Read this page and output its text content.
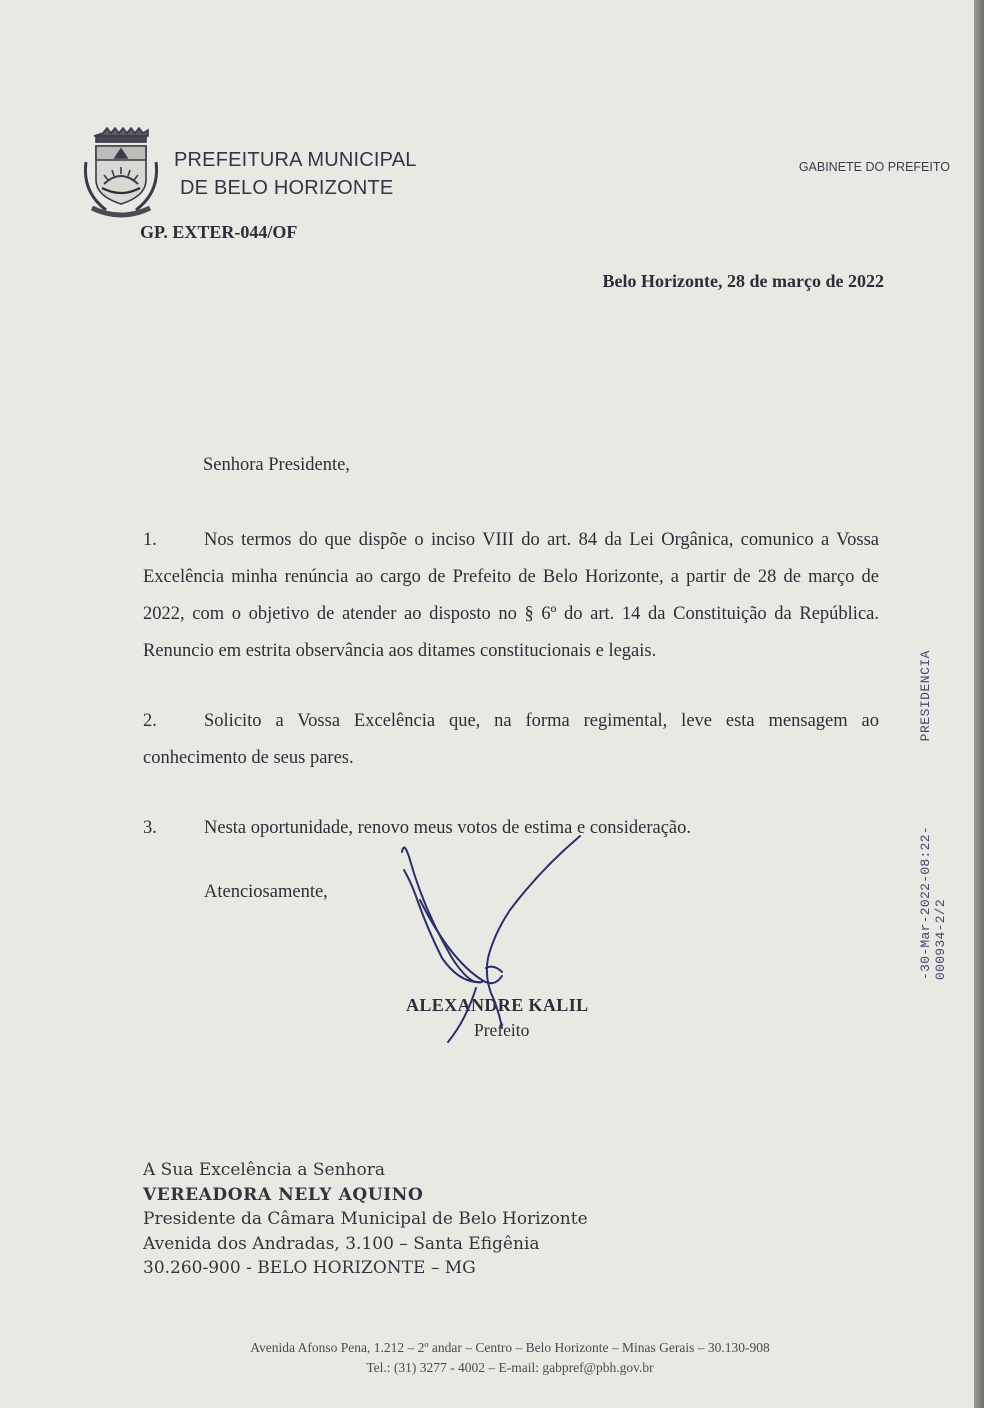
PREFEITURA MUNICIPAL
DE BELO HORIZONTE
GABINETE DO PREFEITO
GP. EXTER-044/OF
Belo Horizonte, 28 de março de 2022
Senhora Presidente,

1.	Nos termos do que dispõe o inciso VIII do art. 84 da Lei Orgânica, comunico a Vossa Excelência minha renúncia ao cargo de Prefeito de Belo Horizonte, a partir de 28 de março de 2022, com o objetivo de atender ao disposto no § 6º do art. 14 da Constituição da República. Renuncio em estrita observância aos ditames constitucionais e legais.

2.	Solicito a Vossa Excelência que, na forma regimental, leve esta mensagem ao conhecimento de seus pares.

3.	Nesta oportunidade, renovo meus votos de estima e consideração.

Atenciosamente,
ALEXANDRE KALIL
Prefeito
PRESIDENCIA
-30-Mar-2022-08:22-000934-2/2
A Sua Excelência a Senhora
VEREADORA NELY AQUINO
Presidente da Câmara Municipal de Belo Horizonte
Avenida dos Andradas, 3.100 – Santa Efigênia
30.260-900 - BELO HORIZONTE – MG
Avenida Afonso Pena, 1.212 – 2º andar – Centro – Belo Horizonte – Minas Gerais – 30.130-908
Tel.: (31) 3277 - 4002 – E-mail: gabpref@pbh.gov.br
